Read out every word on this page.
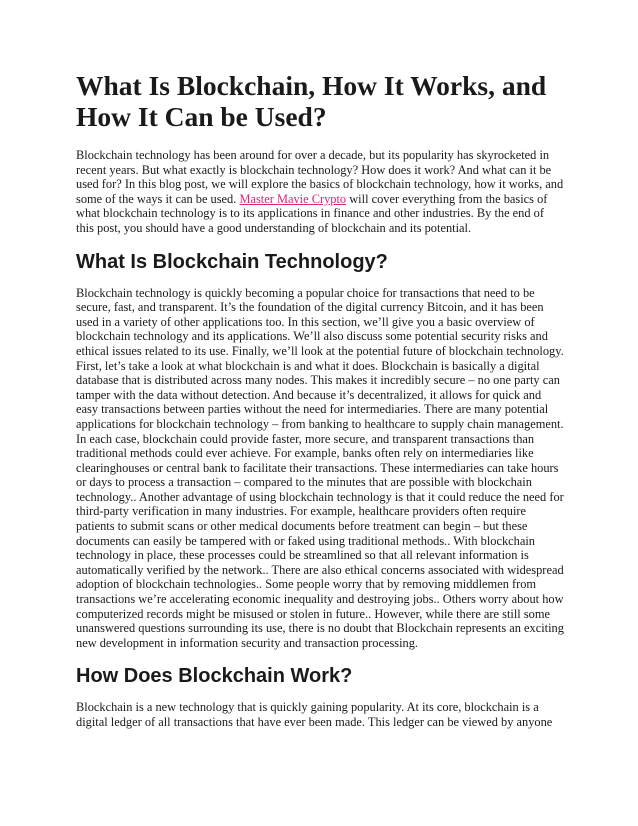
What Is Blockchain, How It Works, and How It Can be Used?

Blockchain technology has been around for over a decade, but its popularity has skyrocketed in recent years. But what exactly is blockchain technology? How does it work? And what can it be used for? In this blog post, we will explore the basics of blockchain technology, how it works, and some of the ways it can be used. Master Mavie Crypto will cover everything from the basics of what blockchain technology is to its applications in finance and other industries. By the end of this post, you should have a good understanding of blockchain and its potential.

What Is Blockchain Technology?

Blockchain technology is quickly becoming a popular choice for transactions that need to be secure, fast, and transparent. It’s the foundation of the digital currency Bitcoin, and it has been used in a variety of other applications too. In this section, we’ll give you a basic overview of blockchain technology and its applications. We’ll also discuss some potential security risks and ethical issues related to its use. Finally, we’ll look at the potential future of blockchain technology. First, let’s take a look at what blockchain is and what it does. Blockchain is basically a digital database that is distributed across many nodes. This makes it incredibly secure – no one party can tamper with the data without detection. And because it’s decentralized, it allows for quick and easy transactions between parties without the need for intermediaries. There are many potential applications for blockchain technology – from banking to healthcare to supply chain management. In each case, blockchain could provide faster, more secure, and transparent transactions than traditional methods could ever achieve. For example, banks often rely on intermediaries like clearinghouses or central bank to facilitate their transactions. These intermediaries can take hours or days to process a transaction – compared to the minutes that are possible with blockchain technology.. Another advantage of using blockchain technology is that it could reduce the need for third-party verification in many industries. For example, healthcare providers often require patients to submit scans or other medical documents before treatment can begin – but these documents can easily be tampered with or faked using traditional methods.. With blockchain technology in place, these processes could be streamlined so that all relevant information is automatically verified by the network.. There are also ethical concerns associated with widespread adoption of blockchain technologies.. Some people worry that by removing middlemen from transactions we’re accelerating economic inequality and destroying jobs.. Others worry about how computerized records might be misused or stolen in future.. However, while there are still some unanswered questions surrounding its use, there is no doubt that Blockchain represents an exciting new development in information security and transaction processing.

How Does Blockchain Work?

Blockchain is a new technology that is quickly gaining popularity. At its core, blockchain is a digital ledger of all transactions that have ever been made. This ledger can be viewed by anyone
